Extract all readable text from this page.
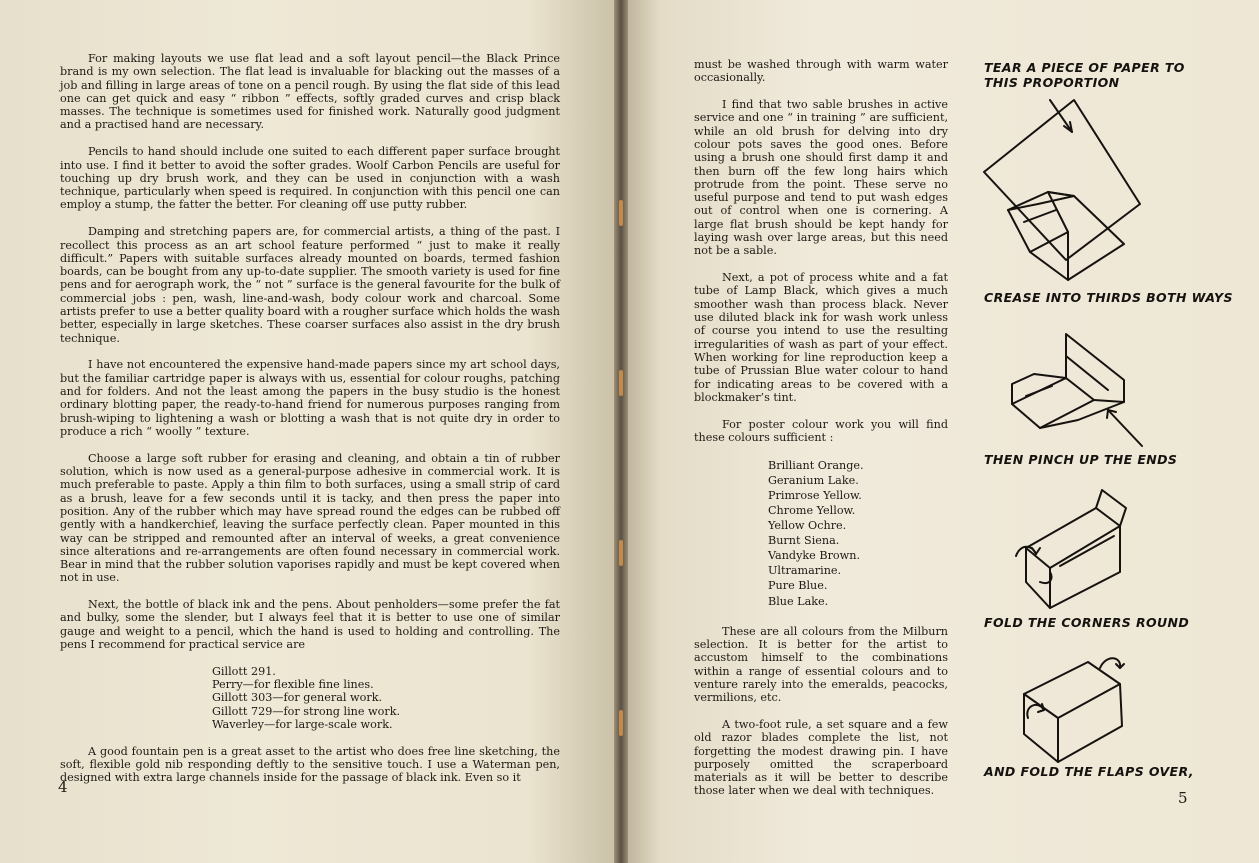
For making layouts we use flat lead and a soft layout pencil—the Black Prince brand is my own selection. The flat lead is invaluable for blacking out the masses of a job and filling in large areas of tone on a pencil rough. By using the flat side of this lead one can get quick and easy “ ribbon ” effects, softly graded curves and crisp black masses. The technique is sometimes used for finished work. Naturally good judgment and a practised hand are necessary.

Pencils to hand should include one suited to each different paper surface brought into use. I find it better to avoid the softer grades. Woolf Carbon Pencils are useful for touching up dry brush work, and they can be used in conjunction with a wash technique, particularly when speed is required. In conjunction with this pencil one can employ a stump, the fatter the better. For cleaning off use putty rubber.

Damping and stretching papers are, for commercial artists, a thing of the past. I recollect this process as an art school feature performed “ just to make it really difficult.” Papers with suitable surfaces already mounted on boards, termed fashion boards, can be bought from any up-to-date supplier. The smooth variety is used for fine pens and for aerograph work, the “ not ” surface is the general favourite for the bulk of commercial jobs : pen, wash, line-and-wash, body colour work and charcoal. Some artists prefer to use a better quality board with a rougher surface which holds the wash better, especially in large sketches. These coarser surfaces also assist in the dry brush technique.

I have not encountered the expensive hand-made papers since my art school days, but the familiar cartridge paper is always with us, essential for colour roughs, patching and for folders. And not the least among the papers in the busy studio is the honest ordinary blotting paper, the ready-to-hand friend for numerous purposes ranging from brush-wiping to lightening a wash or blotting a wash that is not quite dry in order to produce a rich “ woolly ” texture.

Choose a large soft rubber for erasing and cleaning, and obtain a tin of rubber solution, which is now used as a general-purpose adhesive in commercial work. It is much preferable to paste. Apply a thin film to both surfaces, using a small strip of card as a brush, leave for a few seconds until it is tacky, and then press the paper into position. Any of the rubber which may have spread round the edges can be rubbed off gently with a handkerchief, leaving the surface perfectly clean. Paper mounted in this way can be stripped and remounted after an interval of weeks, a great convenience since alterations and re-arrangements are often found necessary in commercial work. Bear in mind that the rubber solution vaporises rapidly and must be kept covered when not in use.

Next, the bottle of black ink and the pens. About penholders—some prefer the fat and bulky, some the slender, but I always feel that it is better to use one of similar gauge and weight to a pencil, which the hand is used to holding and controlling. The pens I recommend for practical service are

Gillott 291.
Perry—for flexible fine lines.
Gillott 303—for general work.
Gillott 729—for strong line work.
Waverley—for large-scale work.

A good fountain pen is a great asset to the artist who does free line sketching, the soft, flexible gold nib responding deftly to the sensitive touch. I use a Waterman pen, designed with extra large channels inside for the passage of black ink. Even so it

4

must be washed through with warm water occasionally.

I find that two sable brushes in active service and one “ in training ” are sufficient, while an old brush for delving into dry colour pots saves the good ones. Before using a brush one should first damp it and then burn off the few long hairs which protrude from the point. These serve no useful purpose and tend to put wash edges out of control when one is cornering. A large flat brush should be kept handy for laying wash over large areas, but this need not be a sable.

Next, a pot of process white and a fat tube of Lamp Black, which gives a much smoother wash than process black. Never use diluted black ink for wash work unless of course you intend to use the resulting irregularities of wash as part of your effect. When working for line reproduction keep a tube of Prussian Blue water colour to hand for indicating areas to be covered with a blockmaker’s tint.

For poster colour work you will find these colours sufficient :

Brilliant Orange.
Geranium Lake.
Primrose Yellow.
Chrome Yellow.
Yellow Ochre.
Burnt Siena.
Vandyke Brown.
Ultramarine.
Pure Blue.
Blue Lake.

These are all colours from the Milburn selection. It is better for the artist to accustom himself to the combinations within a range of essential colours and to venture rarely into the emeralds, peacocks, vermilions, etc.

A two-foot rule, a set square and a few old razor blades complete the list, not forgetting the modest drawing pin. I have purposely omitted the scraperboard materials as it will be better to describe those later when we deal with techniques.

TEAR A PIECE OF PAPER TO
THIS PROPORTION
CREASE INTO THIRDS BOTH WAYS
THEN PINCH UP THE ENDS
FOLD THE CORNERS ROUND
AND FOLD THE FLAPS OVER,
5
